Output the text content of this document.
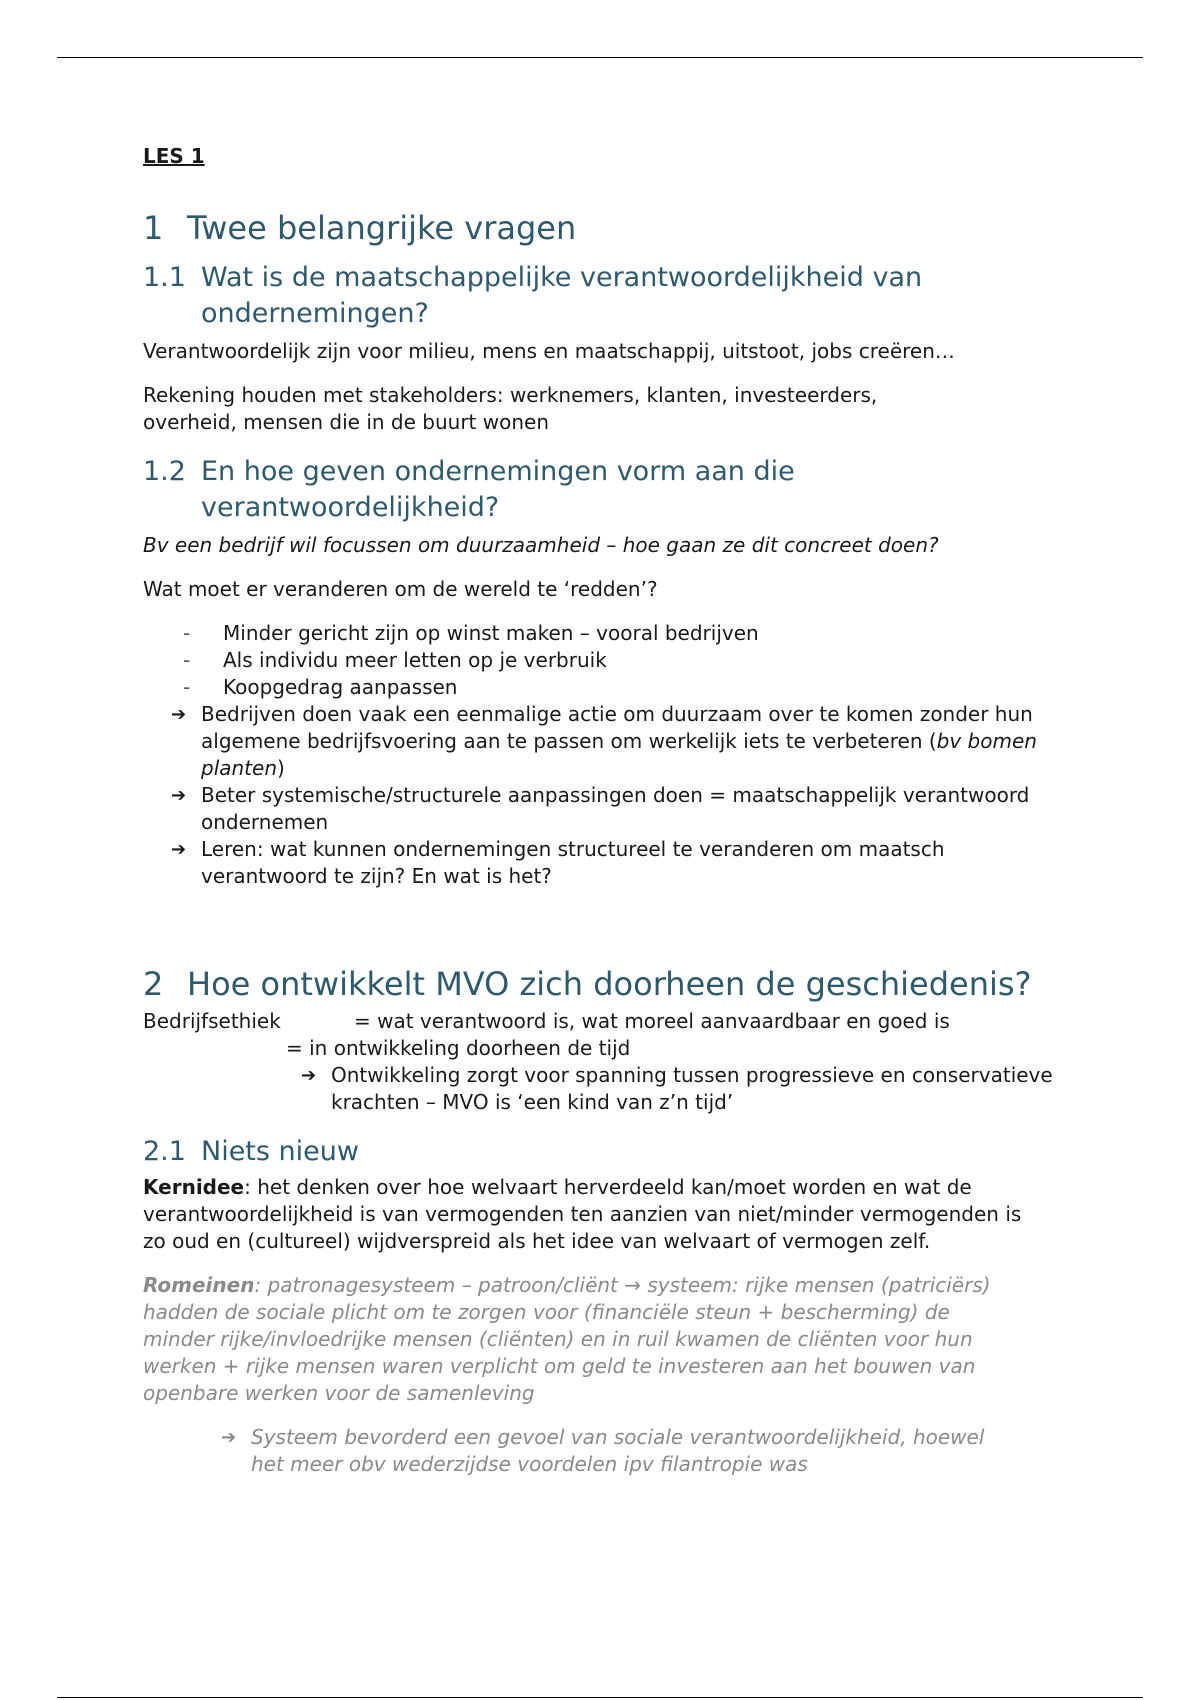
LES 1

1 Twee belangrijke vragen
1.1 Wat is de maatschappelijke verantwoordelijkheid van ondernemingen?

Verantwoordelijk zijn voor milieu, mens en maatschappij, uitstoot, jobs creëren…

Rekening houden met stakeholders: werknemers, klanten, investeerders, overheid, mensen die in de buurt wonen

1.2 En hoe geven ondernemingen vorm aan die verantwoordelijkheid?

Bv een bedrijf wil focussen om duurzaamheid – hoe gaan ze dit concreet doen?

Wat moet er veranderen om de wereld te ‘redden’?

-	Minder gericht zijn op winst maken – vooral bedrijven
-	Als individu meer letten op je verbruik
-	Koopgedrag aanpassen
➔ Bedrijven doen vaak een eenmalige actie om duurzaam over te komen zonder hun algemene bedrijfsvoering aan te passen om werkelijk iets te verbeteren (bv bomen planten)
➔ Beter systemische/structurele aanpassingen doen = maatschappelijk verantwoord ondernemen
➔ Leren: wat kunnen ondernemingen structureel te veranderen om maatsch verantwoord te zijn? En wat is het?
2 Hoe ontwikkelt MVO zich doorheen de geschiedenis?

Bedrijfsethiek	= wat verantwoord is, wat moreel aanvaardbaar en goed is

= in ontwikkeling doorheen de tijd

➔ Ontwikkeling zorgt voor spanning tussen progressieve en conservatieve krachten – MVO is ‘een kind van z’n tijd’
2.1 Niets nieuw

Kernidee: het denken over hoe welvaart herverdeeld kan/moet worden en wat de verantwoordelijkheid is van vermogenden ten aanzien van niet/minder vermogenden is zo oud en (cultureel) wijdverspreid als het idee van welvaart of vermogen zelf.

Romeinen: patronagesysteem – patroon/cliënt → systeem: rijke mensen (patriciërs) hadden de sociale plicht om te zorgen voor (financiële steun + bescherming) de minder rijke/invloedrijke mensen (cliënten) en in ruil kwamen de cliënten voor hun werken + rijke mensen waren verplicht om geld te investeren aan het bouwen van openbare werken voor de samenleving

➔ Systeem bevorderd een gevoel van sociale verantwoordelijkheid, hoewel het meer obv wederzijdse voordelen ipv filantropie was
